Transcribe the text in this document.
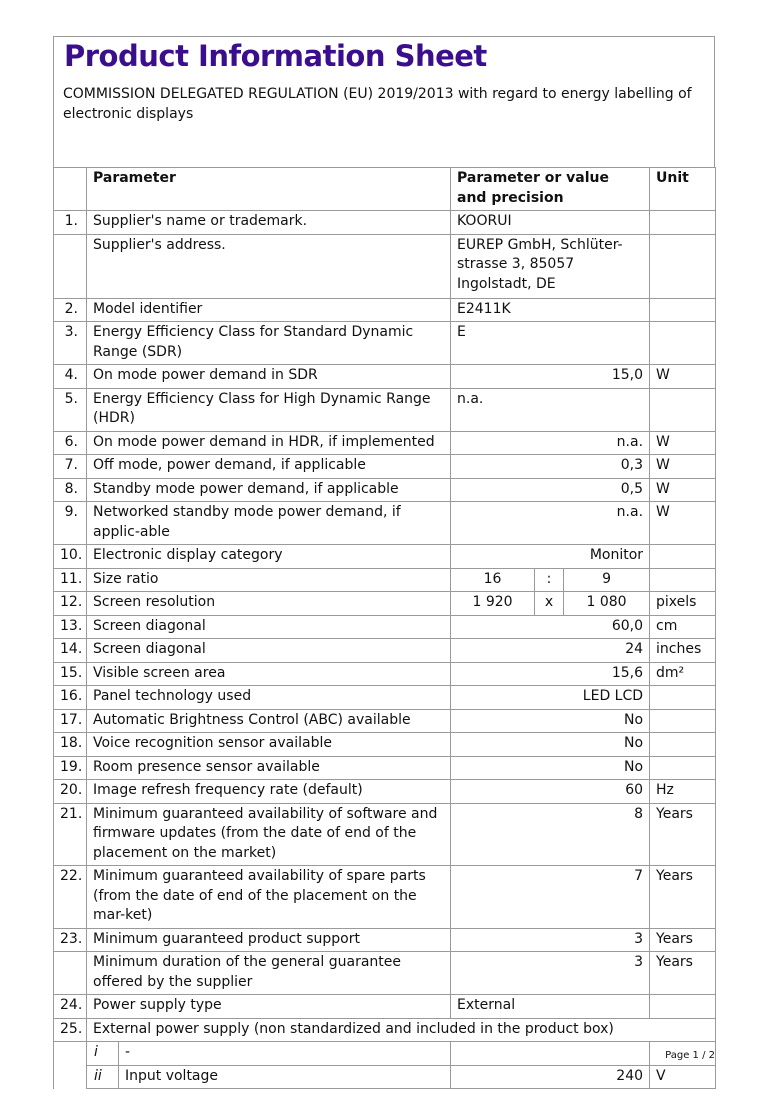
Product Information Sheet
COMMISSION DELEGATED REGULATION (EU) 2019/2013 with regard to energy labelling of electronic displays
	Parameter		Parameter or value and precision			Unit
1.	Supplier's name or trademark.		KOORUI			
	Supplier's address.		EUREP GmbH, Schlüter-strasse 3, 85057 Ingolstadt, DE			
2.	Model identifier		E2411K			
3.	Energy Efficiency Class for Standard Dynamic Range (SDR)		E			
4.	On mode power demand in SDR		15,0			W
5.	Energy Efficiency Class for High Dynamic Range (HDR)		n.a.			
6.	On mode power demand in HDR, if implemented		n.a.			W
7.	Off mode, power demand, if applicable		0,3			W
8.	Standby mode power demand, if applicable		0,5			W
9.	Networked standby mode power demand, if applic-able		n.a.			W
10.	Electronic display category		Monitor			
11.	Size ratio		16	:	9	
12.	Screen resolution		1 920	x	1 080	pixels
13.	Screen diagonal		60,0			cm
14.	Screen diagonal		24			inches
15.	Visible screen area		15,6			dm²
16.	Panel technology used		LED LCD			
17.	Automatic Brightness Control (ABC) available		No			
18.	Voice recognition sensor available		No			
19.	Room presence sensor available		No			
20.	Image refresh frequency rate (default)		60			Hz
21.	Minimum guaranteed availability of software and firmware updates (from the date of end of the placement on the market)		8			Years
22.	Minimum guaranteed availability of spare parts (from the date of end of the placement on the mar-ket)		7			Years
23.	Minimum guaranteed product support		3			Years
	Minimum duration of the general guarantee offered by the supplier		3			Years
24.	Power supply type		External			
25.	External power supply (non standardized and included in the product box)					
	i	-				
	ii	Input voltage	240			V
Page 1 / 2
